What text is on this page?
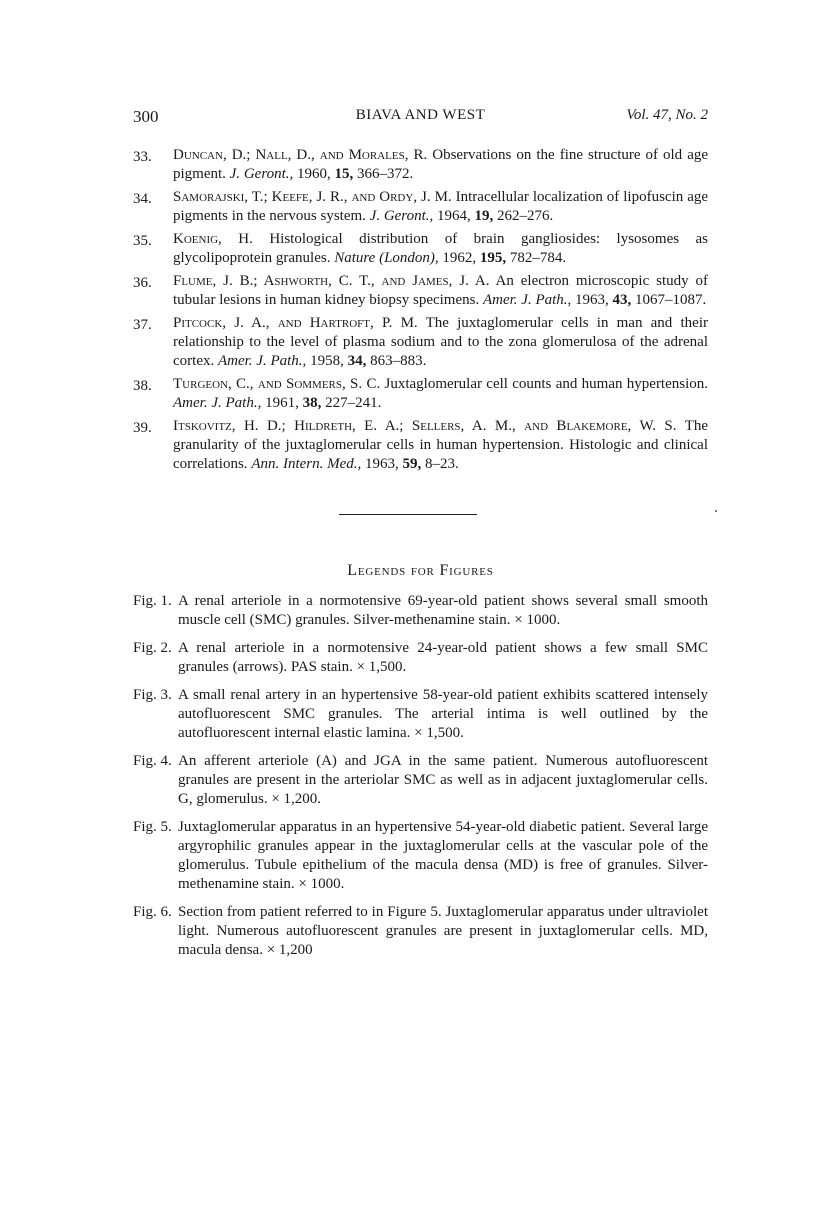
BIAVA AND WEST
300	Vol. 47, No. 2
33. Duncan, D.; Nall, D., and Morales, R. Observations on the fine structure of old age pigment. J. Geront., 1960, 15, 366–372.
34. Samorajski, T.; Keefe, J. R., and Ordy, J. M. Intracellular localization of lipofuscin age pigments in the nervous system. J. Geront., 1964, 19, 262–276.
35. Koenig, H. Histological distribution of brain gangliosides: lysosomes as glycolipoprotein granules. Nature (London), 1962, 195, 782–784.
36. Flume, J. B.; Ashworth, C. T., and James, J. A. An electron microscopic study of tubular lesions in human kidney biopsy specimens. Amer. J. Path., 1963, 43, 1067–1087.
37. Pitcock, J. A., and Hartroft, P. M. The juxtaglomerular cells in man and their relationship to the level of plasma sodium and to the zona glomerulosa of the adrenal cortex. Amer. J. Path., 1958, 34, 863–883.
38. Turgeon, C., and Sommers, S. C. Juxtaglomerular cell counts and human hypertension. Amer. J. Path., 1961, 38, 227–241.
39. Itskovitz, H. D.; Hildreth, E. A.; Sellers, A. M., and Blakemore, W. S. The granularity of the juxtaglomerular cells in human hypertension. Histologic and clinical correlations. Ann. Intern. Med., 1963, 59, 8–23.
Legends for Figures
Fig. 1. A renal arteriole in a normotensive 69-year-old patient shows several small smooth muscle cell (SMC) granules. Silver-methenamine stain. × 1000.
Fig. 2. A renal arteriole in a normotensive 24-year-old patient shows a few small SMC granules (arrows). PAS stain. × 1,500.
Fig. 3. A small renal artery in an hypertensive 58-year-old patient exhibits scattered intensely autofluorescent SMC granules. The arterial intima is well outlined by the autofluorescent internal elastic lamina. × 1,500.
Fig. 4. An afferent arteriole (A) and JGA in the same patient. Numerous autofluorescent granules are present in the arteriolar SMC as well as in adjacent juxtaglomerular cells. G, glomerulus. × 1,200.
Fig. 5. Juxtaglomerular apparatus in an hypertensive 54-year-old diabetic patient. Several large argyrophilic granules appear in the juxtaglomerular cells at the vascular pole of the glomerulus. Tubule epithelium of the macula densa (MD) is free of granules. Silver-methenamine stain. × 1000.
Fig. 6. Section from patient referred to in Figure 5. Juxtaglomerular apparatus under ultraviolet light. Numerous autofluorescent granules are present in juxtaglomerular cells. MD, macula densa. × 1,200
